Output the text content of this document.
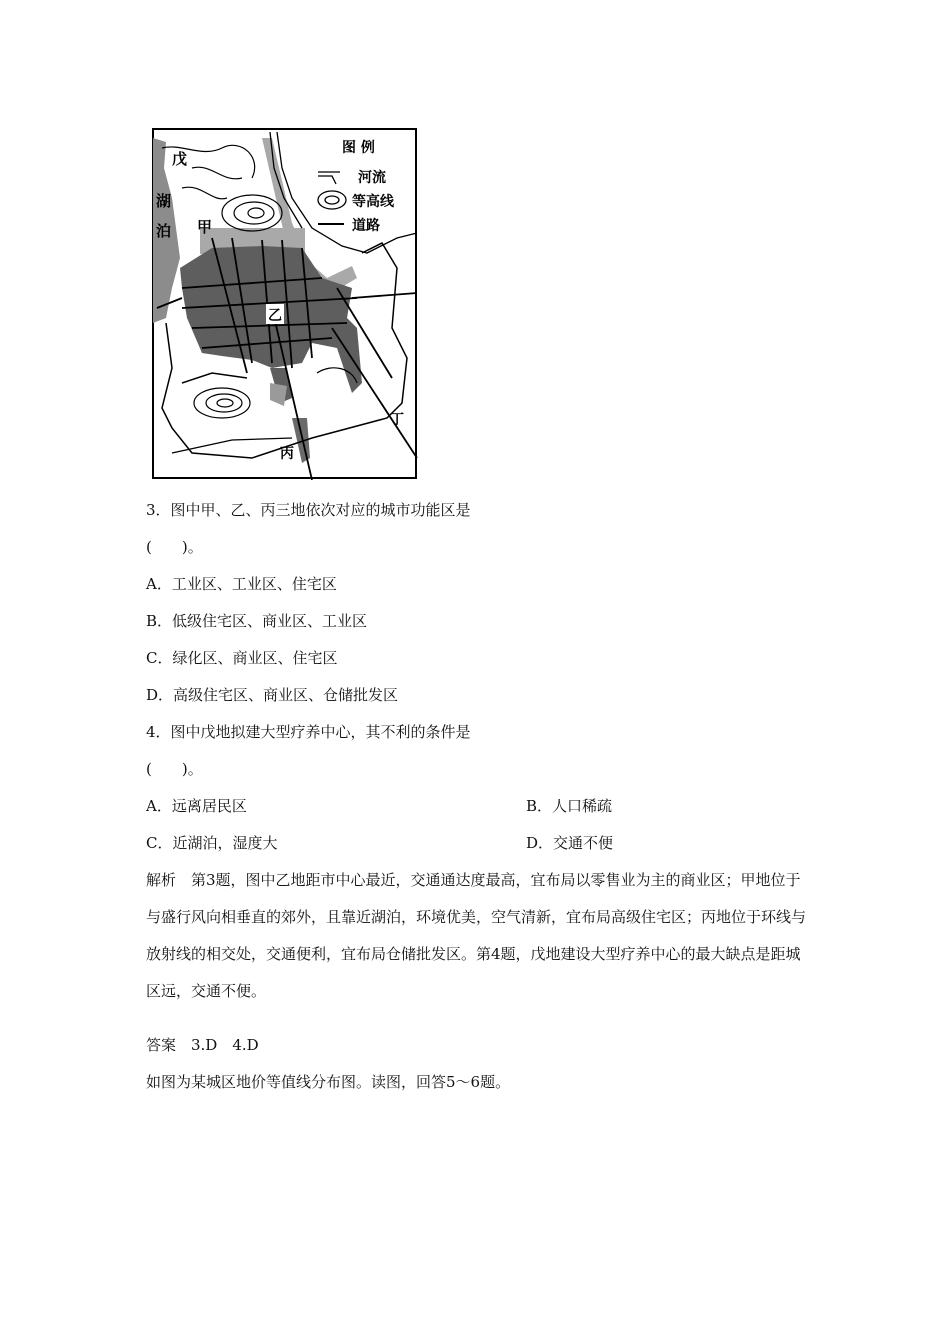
戊
湖
泊 甲
乙
丙
丁
图 例
河流
等高线
道路
3．图中甲、乙、丙三地依次对应的城市功能区是
(　　)。
A．工业区、工业区、住宅区
B．低级住宅区、商业区、工业区
C．绿化区、商业区、住宅区
D．高级住宅区、商业区、仓储批发区
4．图中戊地拟建大型疗养中心，其不利的条件是
(　　)。
A．远离居民区	B．人口稀疏
C．近湖泊，湿度大	D．交通不便
解析　第3题，图中乙地距市中心最近，交通通达度最高，宜布局以零售业为主的商业区；甲地位于与盛行风向相垂直的郊外，且靠近湖泊，环境优美，空气清新，宜布局高级住宅区；丙地位于环线与放射线的相交处，交通便利，宜布局仓储批发区。第4题，戊地建设大型疗养中心的最大缺点是距城区远，交通不便。
答案　3.D　4.D
如图为某城区地价等值线分布图。读图，回答5～6题。
